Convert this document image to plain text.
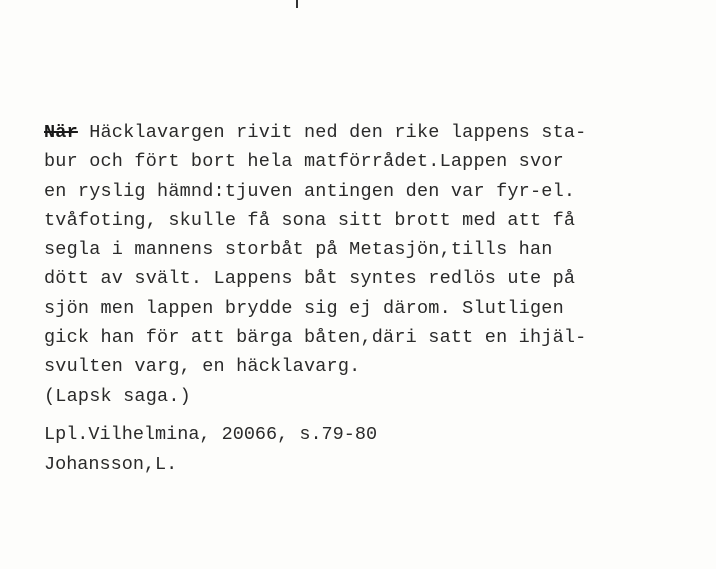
När Häcklavargen rivit ned den rike lappens sta-
bur och fört bort hela matförrådet.Lappen svor
en ryslig hämnd:tjuven antingen den var fyr-el.
tvåfoting, skulle få sona sitt brott med att få
segla i mannens storbåt på Metasjön,tills han
dött av svält. Lappens båt syntes redlös ute på
sjön men lappen brydde sig ej därom. Slutligen
gick han för att bärga båten,däri satt en ihjäl-
svulten varg, en häcklavarg.
(Lapsk saga.)
Lpl.Vilhelmina, 20066, s.79-80
Johansson,L.
